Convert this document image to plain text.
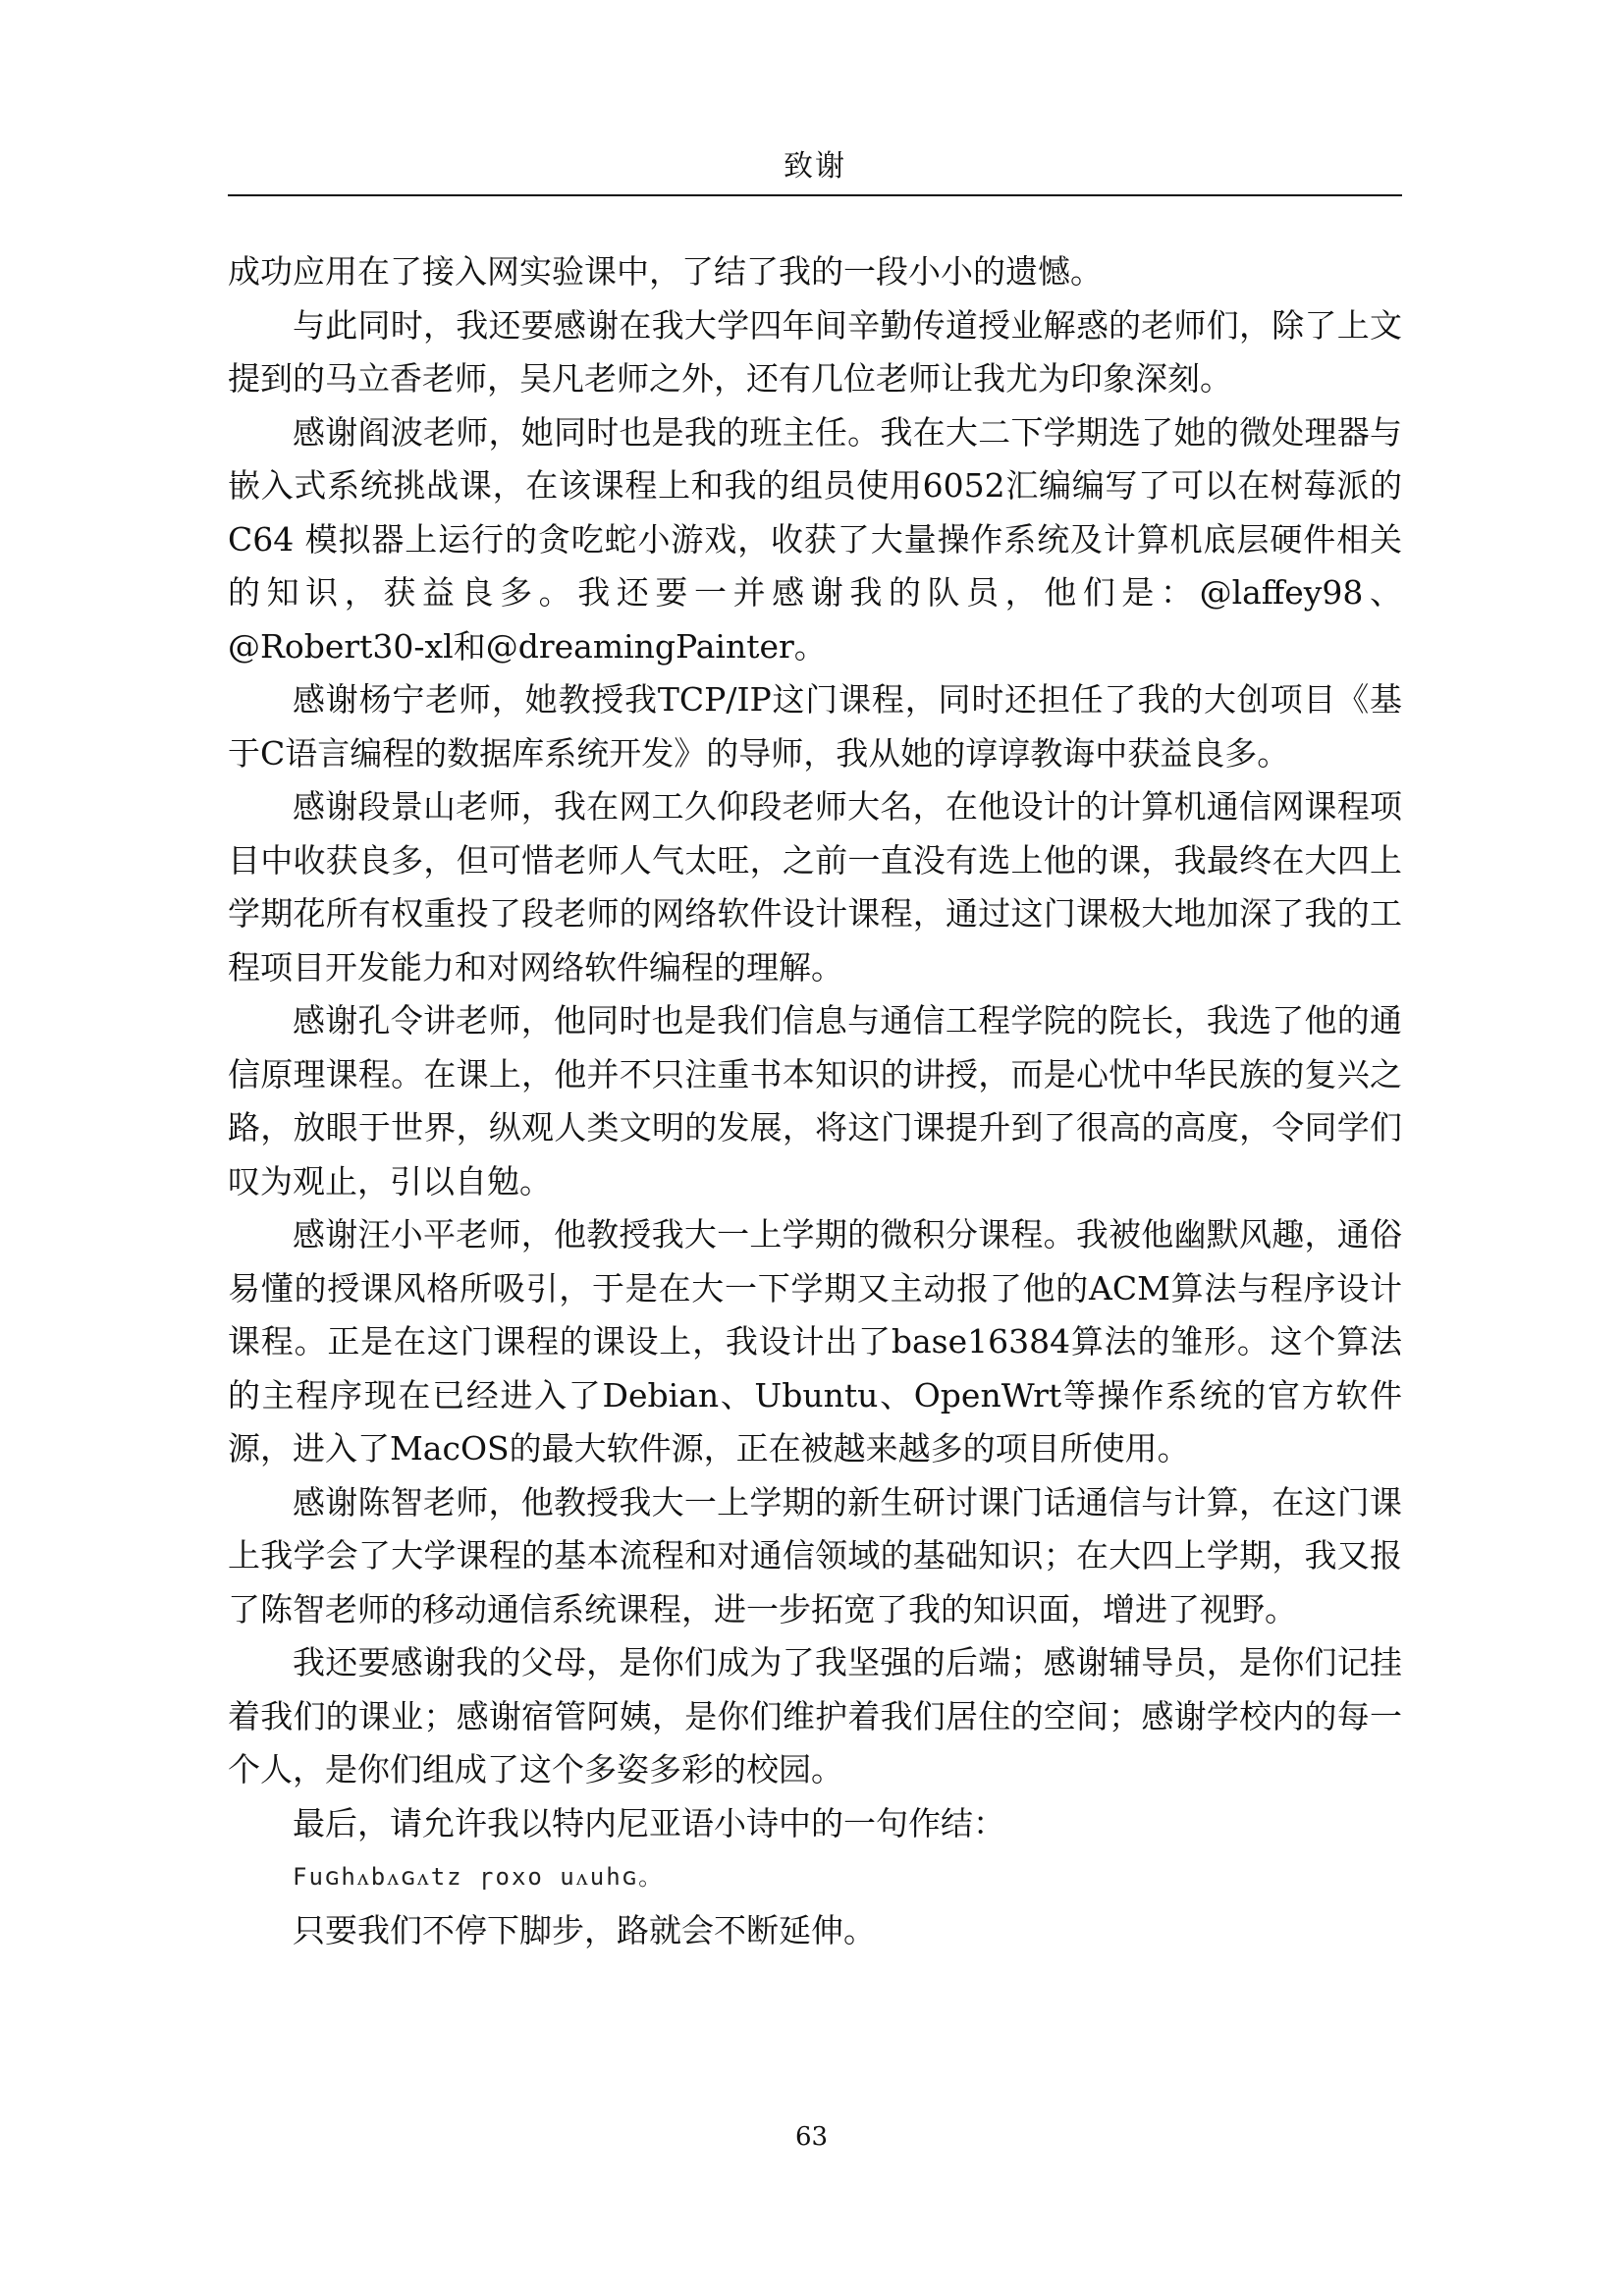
致谢

成功应用在了接入网实验课中，了结了我的一段小小的遗憾。

与此同时，我还要感谢在我大学四年间辛勤传道授业解惑的老师们，除了上文提到的马立香老师，吴凡老师之外，还有几位老师让我尤为印象深刻。

感谢阎波老师，她同时也是我的班主任。我在大二下学期选了她的微处理器与嵌入式系统挑战课，在该课程上和我的组员使用6052汇编编写了可以在树莓派的C64 模拟器上运行的贪吃蛇小游戏，收获了大量操作系统及计算机底层硬件相关的知识，获益良多。我还要一并感谢我的队员，他们是：@laffey98、@Robert30-xl和@dreamingPainter。

感谢杨宁老师，她教授我TCP/IP这门课程，同时还担任了我的大创项目《基于C语言编程的数据库系统开发》的导师，我从她的谆谆教诲中获益良多。

感谢段景山老师，我在网工久仰段老师大名，在他设计的计算机通信网课程项目中收获良多，但可惜老师人气太旺，之前一直没有选上他的课，我最终在大四上学期花所有权重投了段老师的网络软件设计课程，通过这门课极大地加深了我的工程项目开发能力和对网络软件编程的理解。

感谢孔令讲老师，他同时也是我们信息与通信工程学院的院长，我选了他的通信原理课程。在课上，他并不只注重书本知识的讲授，而是心忧中华民族的复兴之路，放眼于世界，纵观人类文明的发展，将这门课提升到了很高的高度，令同学们叹为观止，引以自勉。

感谢汪小平老师，他教授我大一上学期的微积分课程。我被他幽默风趣，通俗易懂的授课风格所吸引，于是在大一下学期又主动报了他的ACM算法与程序设计课程。正是在这门课程的课设上，我设计出了base16384算法的雏形。这个算法的主程序现在已经进入了Debian、Ubuntu、OpenWrt等操作系统的官方软件源，进入了MacOS的最大软件源，正在被越来越多的项目所使用。

感谢陈智老师，他教授我大一上学期的新生研讨课门话通信与计算，在这门课上我学会了大学课程的基本流程和对通信领域的基础知识；在大四上学期，我又报了陈智老师的移动通信系统课程，进一步拓宽了我的知识面，增进了视野。

我还要感谢我的父母，是你们成为了我坚强的后端；感谢辅导员，是你们记挂着我们的课业；感谢宿管阿姨，是你们维护着我们居住的空间；感谢学校内的每一个人，是你们组成了这个多姿多彩的校园。

最后，请允许我以特内尼亚语小诗中的一句作结：

Fuɢhᴧbᴧɢᴧtz ɼoxo uᴧuhɢ。

只要我们不停下脚步，路就会不断延伸。

63
